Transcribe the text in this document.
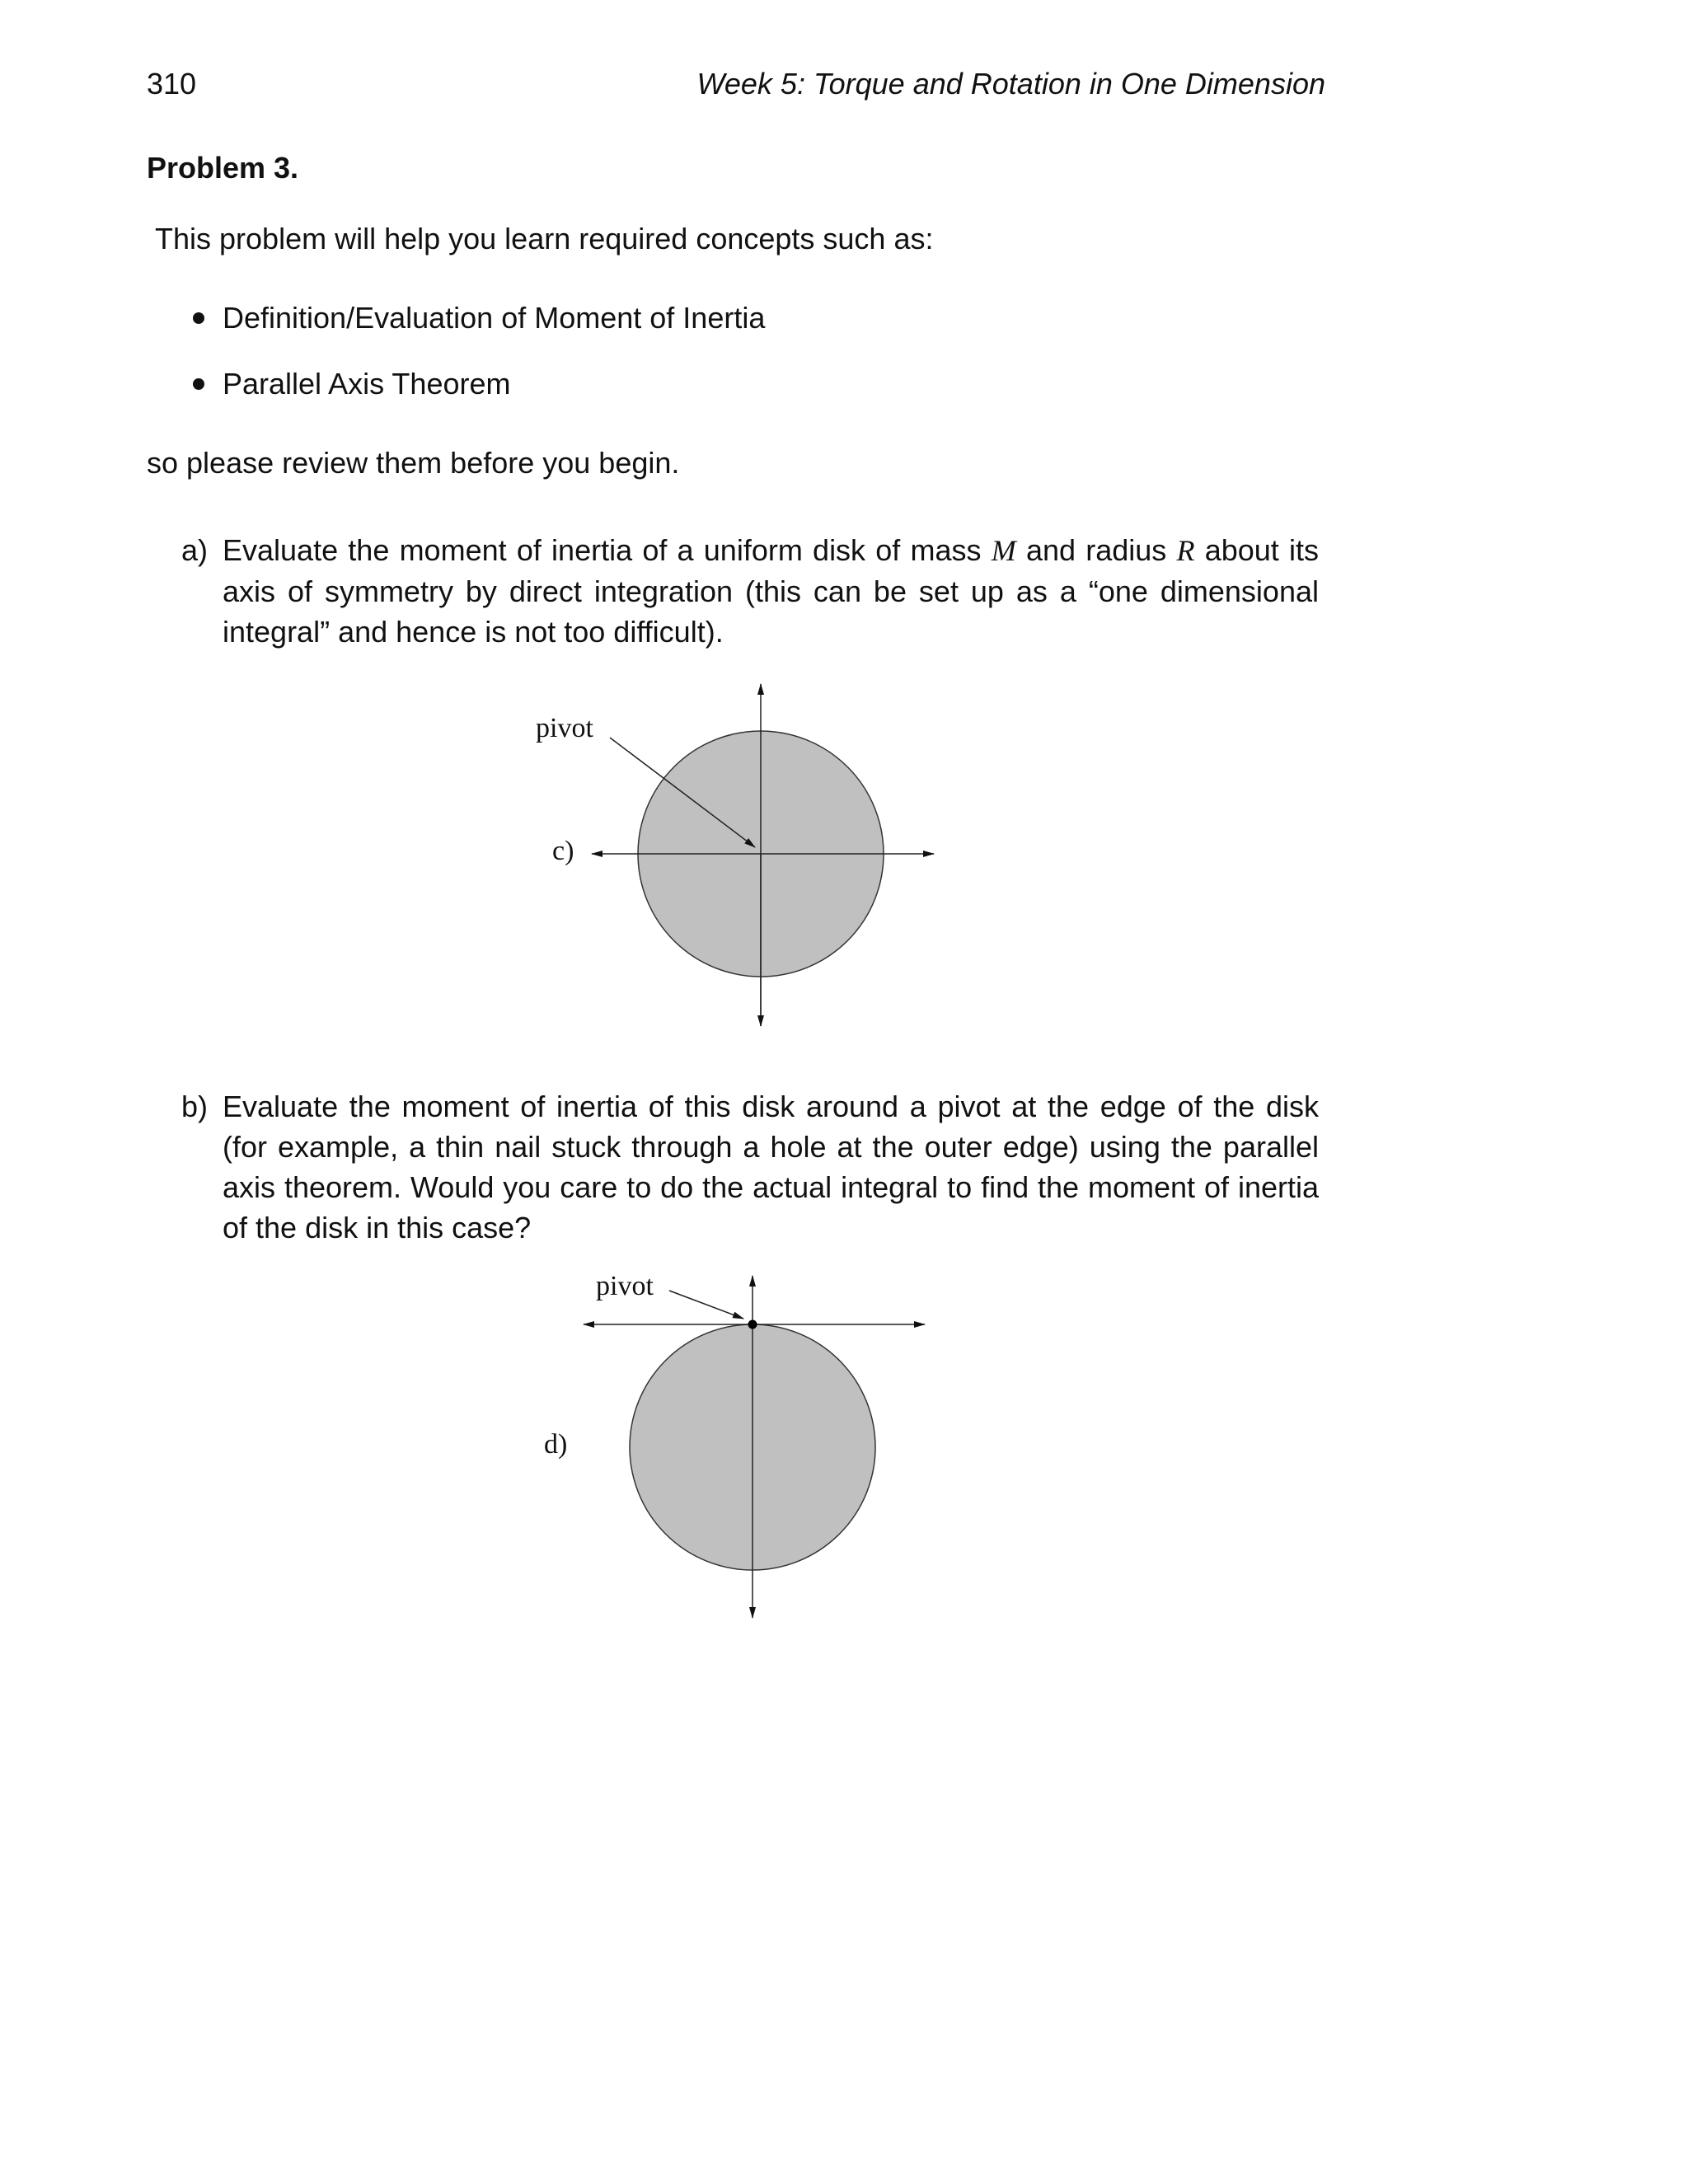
310	Week 5: Torque and Rotation in One Dimension
Problem 3.
This problem will help you learn required concepts such as:
Definition/Evaluation of Moment of Inertia
Parallel Axis Theorem
so please review them before you begin.
a) Evaluate the moment of inertia of a uniform disk of mass M and radius R about its axis of symmetry by direct integration (this can be set up as a “one dimensional integral” and hence is not too difficult).
pivot
c)
pivot
d)
b) Evaluate the moment of inertia of this disk around a pivot at the edge of the disk (for example, a thin nail stuck through a hole at the outer edge) using the parallel axis theorem. Would you care to do the actual integral to find the moment of inertia of the disk in this case?
